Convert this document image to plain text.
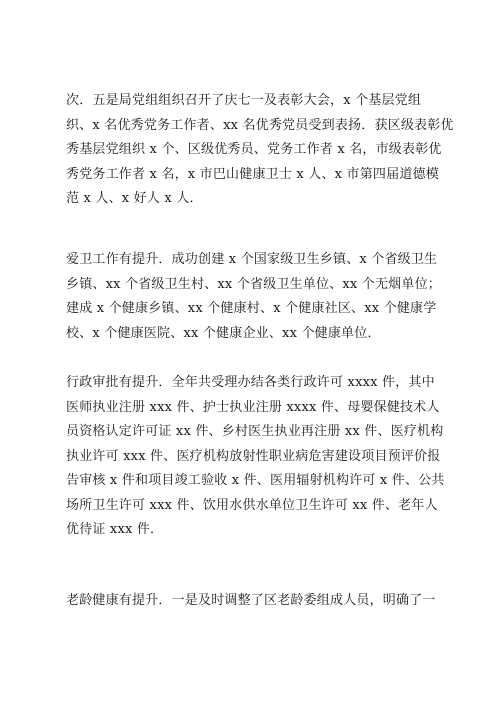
次．五是局党组组织召开了庆七一及表彰大会，x 个基层党组
织、x 名优秀党务工作者、xx 名优秀党员受到表扬．获区级表彰优
秀基层党组织 x 个、区级优秀员、党务工作者 x 名，市级表彰优
秀党务工作者 x 名，x 市巴山健康卫士 x 人、x 市第四届道德模
范 x 人、x 好人 x 人．
爱卫工作有提升．成功创建 x 个国家级卫生乡镇、x 个省级卫生
乡镇、xx 个省级卫生村、xx 个省级卫生单位、xx 个无烟单位；
建成 x 个健康乡镇、xx 个健康村、x 个健康社区、xx 个健康学
校、x 个健康医院、xx 个健康企业、xx 个健康单位．
行政审批有提升．全年共受理办结各类行政许可 xxxx 件，其中
医师执业注册 xxx 件、护士执业注册 xxxx 件、母婴保健技术人
员资格认定许可证 xx 件、乡村医生执业再注册 xx 件、医疗机构
执业许可 xxx 件、医疗机构放射性职业病危害建设项目预评价报
告审核 x 件和项目竣工验收 x 件、医用辐射机构许可 x 件、公共
场所卫生许可 xxx 件、饮用水供水单位卫生许可 xx 件、老年人
优待证 xxx 件．
老龄健康有提升．一是及时调整了区老龄委组成人员，明确了一
